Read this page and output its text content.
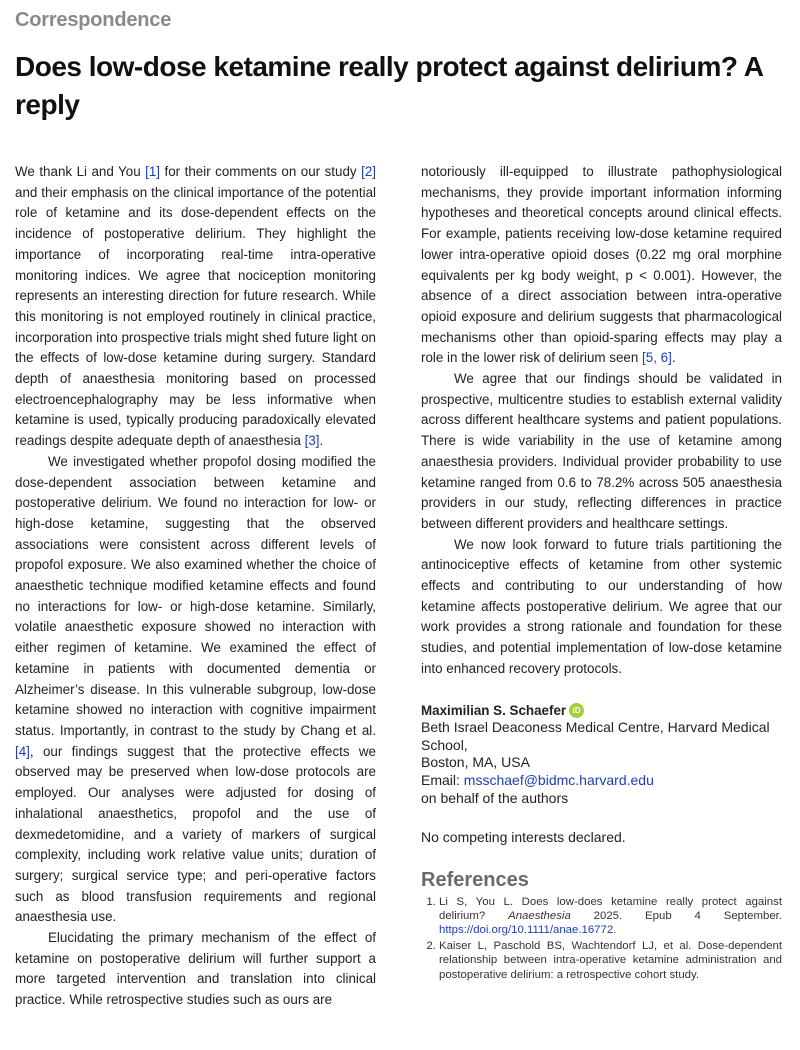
Correspondence
Does low-dose ketamine really protect against delirium? A reply

We thank Li and You [1] for their comments on our study [2] and their emphasis on the clinical importance of the potential role of ketamine and its dose-dependent effects on the incidence of postoperative delirium. They highlight the importance of incorporating real-time intra-operative monitoring indices. We agree that nociception monitoring represents an interesting direction for future research. While this monitoring is not employed routinely in clinical practice, incorporation into prospective trials might shed future light on the effects of low-dose ketamine during surgery. Standard depth of anaesthesia monitoring based on processed electroencephalography may be less informative when ketamine is used, typically producing paradoxically elevated readings despite adequate depth of anaesthesia [3].

We investigated whether propofol dosing modified the dose-dependent association between ketamine and postoperative delirium. We found no interaction for low- or high-dose ketamine, suggesting that the observed associations were consistent across different levels of propofol exposure. We also examined whether the choice of anaesthetic technique modified ketamine effects and found no interactions for low- or high-dose ketamine. Similarly, volatile anaesthetic exposure showed no interaction with either regimen of ketamine. We examined the effect of ketamine in patients with documented dementia or Alzheimer’s disease. In this vulnerable subgroup, low-dose ketamine showed no interaction with cognitive impairment status. Importantly, in contrast to the study by Chang et al. [4], our findings suggest that the protective effects we observed may be preserved when low-dose protocols are employed. Our analyses were adjusted for dosing of inhalational anaesthetics, propofol and the use of dexmedetomidine, and a variety of markers of surgical complexity, including work relative value units; duration of surgery; surgical service type; and peri-operative factors such as blood transfusion requirements and regional anaesthesia use.

Elucidating the primary mechanism of the effect of ketamine on postoperative delirium will further support a more targeted intervention and translation into clinical practice. While retrospective studies such as ours are

notoriously ill-equipped to illustrate pathophysiological mechanisms, they provide important information informing hypotheses and theoretical concepts around clinical effects. For example, patients receiving low-dose ketamine required lower intra-operative opioid doses (0.22 mg oral morphine equivalents per kg body weight, p < 0.001). However, the absence of a direct association between intra-operative opioid exposure and delirium suggests that pharmacological mechanisms other than opioid-sparing effects may play a role in the lower risk of delirium seen [5, 6].

We agree that our findings should be validated in prospective, multicentre studies to establish external validity across different healthcare systems and patient populations. There is wide variability in the use of ketamine among anaesthesia providers. Individual provider probability to use ketamine ranged from 0.6 to 78.2% across 505 anaesthesia providers in our study, reflecting differences in practice between different providers and healthcare settings.

We now look forward to future trials partitioning the antinociceptive effects of ketamine from other systemic effects and contributing to our understanding of how ketamine affects postoperative delirium. We agree that our work provides a strong rationale and foundation for these studies, and potential implementation of low-dose ketamine into enhanced recovery protocols.

Maximilian S. Schaefer iD
Beth Israel Deaconess Medical Centre, Harvard Medical School,
Boston, MA, USA
Email: msschaef@bidmc.harvard.edu
on behalf of the authors
No competing interests declared.
References
1. Li S, You L. Does low-does ketamine really protect against delirium? Anaesthesia 2025. Epub 4 September. https://doi.org/10.1111/anae.16772.
2. Kaiser L, Paschold BS, Wachtendorf LJ, et al. Dose-dependent relationship between intra-operative ketamine administration and postoperative delirium: a retrospective cohort study.
